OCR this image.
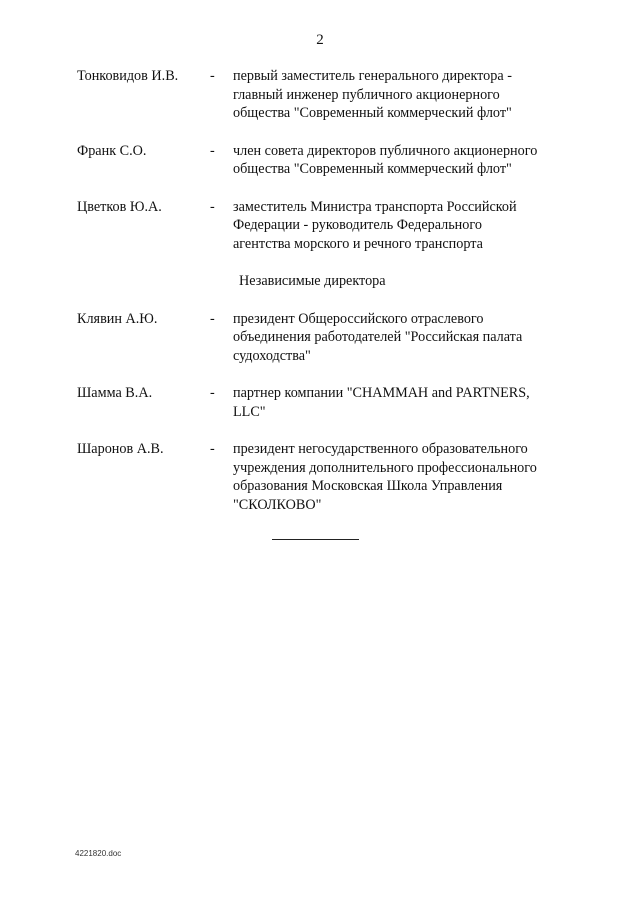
2
Тонковидов И.В. - первый заместитель генерального директора -
главный инженер публичного акционерного
общества "Современный коммерческий флот"
Франк С.О.	- член совета директоров публичного акционерного
общества "Современный коммерческий флот"
Цветков Ю.А.	- заместитель Министра транспорта Российской
Федерации - руководитель Федерального
агентства морского и речного транспорта
Независимые директора
Клявин А.Ю.	- президент Общероссийского отраслевого
объединения работодателей "Российская палата
судоходства"
Шамма В.А.	- партнер компании "CHAMMAH and PARTNERS,
LLC"
Шаронов А.В.	- президент негосударственного образовательного
учреждения дополнительного профессионального
образования Московская Школа Управления
"СКОЛКОВО"
4221820.doc
